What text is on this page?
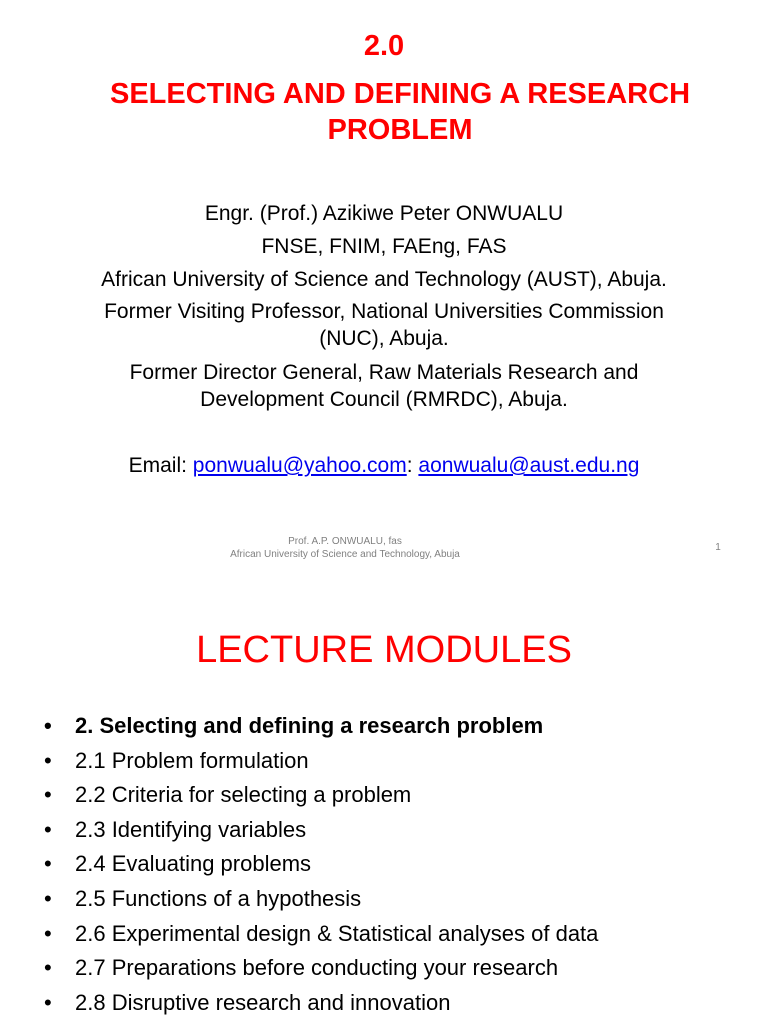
2.0
SELECTING AND DEFINING A RESEARCH
PROBLEM
Engr. (Prof.) Azikiwe Peter ONWUALU
FNSE, FNIM, FAEng, FAS
African University of Science and Technology (AUST), Abuja.
Former Visiting Professor, National Universities Commission
(NUC), Abuja.
Former Director General, Raw Materials Research and
Development Council (RMRDC), Abuja.
Email: ponwualu@yahoo.com: aonwualu@aust.edu.ng
Prof. A.P. ONWUALU, fas
African University of Science and Technology, Abuja
1
LECTURE MODULES
•	2. Selecting and defining a research problem
•	2.1 Problem formulation
•	2.2 Criteria for selecting a problem
•	2.3 Identifying variables
•	2.4 Evaluating problems
•	2.5 Functions of a hypothesis
•	2.6 Experimental design & Statistical analyses of data
•	2.7 Preparations before conducting your research
•	2.8 Disruptive research and innovation
